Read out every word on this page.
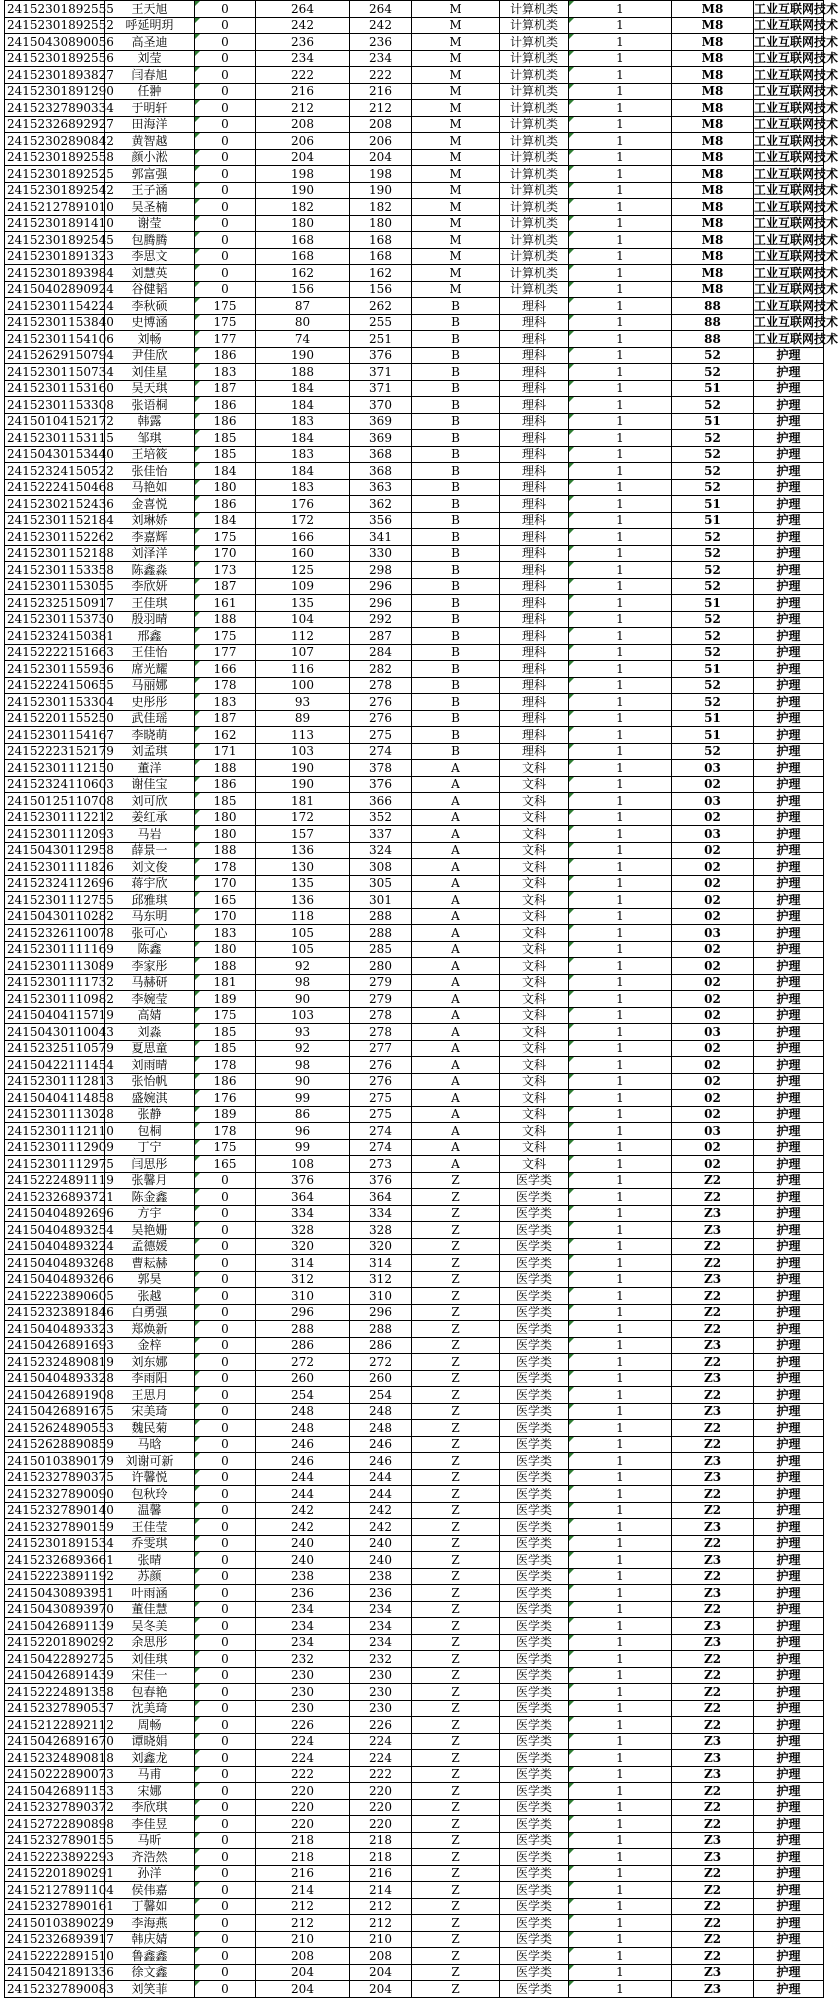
24152301892555	王天旭	0	264	264	M	计算机类	1	M8	工业互联网技术
24152301892552	呼延明玥	0	242	242	M	计算机类	1	M8	工业互联网技术
24150430890056	高圣迪	0	236	236	M	计算机类	1	M8	工业互联网技术
24152301892556	刘莹	0	234	234	M	计算机类	1	M8	工业互联网技术
24152301893827	闫春旭	0	222	222	M	计算机类	1	M8	工业互联网技术
24152301891290	任翀	0	216	216	M	计算机类	1	M8	工业互联网技术
24152327890334	于明轩	0	212	212	M	计算机类	1	M8	工业互联网技术
24152326892927	田海洋	0	208	208	M	计算机类	1	M8	工业互联网技术
24152302890842	黄智越	0	206	206	M	计算机类	1	M8	工业互联网技术
24152301892558	颜小淞	0	204	204	M	计算机类	1	M8	工业互联网技术
24152301892525	郭富强	0	198	198	M	计算机类	1	M8	工业互联网技术
24152301892542	王子涵	0	190	190	M	计算机类	1	M8	工业互联网技术
24152127891010	吴圣楠	0	182	182	M	计算机类	1	M8	工业互联网技术
24152301891410	谢莹	0	180	180	M	计算机类	1	M8	工业互联网技术
24152301892545	包腾腾	0	168	168	M	计算机类	1	M8	工业互联网技术
24152301891323	李思文	0	168	168	M	计算机类	1	M8	工业互联网技术
24152301893984	刘慧英	0	162	162	M	计算机类	1	M8	工业互联网技术
24150402890924	谷健韬	0	156	156	M	计算机类	1	M8	工业互联网技术
24152301154224	李秋硕	175	87	262	B	理科	1	88	工业互联网技术
24152301153840	史博涵	175	80	255	B	理科	1	88	工业互联网技术
24152301154106	刘畅	177	74	251	B	理科	1	88	工业互联网技术
24152629150794	尹佳欣	186	190	376	B	理科	1	52	护理
24152301150734	刘佳星	183	188	371	B	理科	1	52	护理
24152301153160	吴天琪	187	184	371	B	理科	1	51	护理
24152301153308	张语桐	186	184	370	B	理科	1	52	护理
24150104152172	韩露	186	183	369	B	理科	1	51	护理
24152301153115	邹琪	185	184	369	B	理科	1	52	护理
24150430153440	王培筱	185	183	368	B	理科	1	52	护理
24152324150522	张佳怡	184	184	368	B	理科	1	52	护理
24152224150468	马艳如	180	183	363	B	理科	1	52	护理
24152302152436	金喜悦	186	176	362	B	理科	1	51	护理
24152301152184	刘琳娇	184	172	356	B	理科	1	51	护理
24152301152262	李嘉辉	175	166	341	B	理科	1	52	护理
24152301152188	刘泽洋	170	160	330	B	理科	1	52	护理
24152301153358	陈鑫淼	173	125	298	B	理科	1	52	护理
24152301153055	李欣妍	187	109	296	B	理科	1	52	护理
24152325150917	王佳琪	161	135	296	B	理科	1	51	护理
24152301153730	殷羽晴	188	104	292	B	理科	1	52	护理
24152324150381	邢鑫	175	112	287	B	理科	1	52	护理
24152222151663	王佳怡	177	107	284	B	理科	1	52	护理
24152301155936	席光耀	166	116	282	B	理科	1	51	护理
24152224150655	马丽娜	178	100	278	B	理科	1	52	护理
24152301153304	史彤彤	183	93	276	B	理科	1	52	护理
24152201155250	武佳瑶	187	89	276	B	理科	1	51	护理
24152301154167	李晓萌	162	113	275	B	理科	1	51	护理
24152223152179	刘孟琪	171	103	274	B	理科	1	52	护理
24152301112150	董洋	188	190	378	A	文科	1	03	护理
24152324110603	谢佳宝	186	190	376	A	文科	1	02	护理
24150125110708	刘可欣	185	181	366	A	文科	1	03	护理
24152301112212	姜红承	180	172	352	A	文科	1	02	护理
24152301112093	马岩	180	157	337	A	文科	1	03	护理
24150430112958	薛景一	188	136	324	A	文科	1	02	护理
24152301111826	刘文俊	178	130	308	A	文科	1	02	护理
24152324112696	蒋宇欣	170	135	305	A	文科	1	02	护理
24152301112755	邱雅琪	165	136	301	A	文科	1	02	护理
24150430110282	马东明	170	118	288	A	文科	1	02	护理
24152326110078	张可心	183	105	288	A	文科	1	03	护理
24152301111169	陈鑫	180	105	285	A	文科	1	02	护理
24152301113089	李家彤	188	92	280	A	文科	1	02	护理
24152301111732	马赫研	181	98	279	A	文科	1	02	护理
24152301110982	李婉莹	189	90	279	A	文科	1	02	护理
24150404115719	高婧	175	103	278	A	文科	1	02	护理
24150430110043	刘淼	185	93	278	A	文科	1	03	护理
24152325110579	夏思童	185	92	277	A	文科	1	02	护理
24150422111454	刘雨晴	178	98	276	A	文科	1	02	护理
24152301112813	张怡帆	186	90	276	A	文科	1	02	护理
24150404114858	盛婉淇	176	99	275	A	文科	1	02	护理
24152301113028	张静	189	86	275	A	文科	1	02	护理
24152301112110	包桐	178	96	274	A	文科	1	03	护理
24152301112909	丁宁	175	99	274	A	文科	1	02	护理
24152301112975	闫思彤	165	108	273	A	文科	1	02	护理
24152224891119	张馨月	0	376	376	Z	医学类	1	Z2	护理
24152326893721	陈金鑫	0	364	364	Z	医学类	1	Z2	护理
24150404892696	方宇	0	334	334	Z	医学类	1	Z3	护理
24150404893254	吴艳姗	0	328	328	Z	医学类	1	Z3	护理
24150404893224	孟德媛	0	320	320	Z	医学类	1	Z2	护理
24150404893268	曹耘赫	0	314	314	Z	医学类	1	Z2	护理
24150404893266	郭昊	0	312	312	Z	医学类	1	Z3	护理
24152223890605	张越	0	310	310	Z	医学类	1	Z2	护理
24152323891846	白勇强	0	296	296	Z	医学类	1	Z2	护理
24150404893323	郑焕新	0	288	288	Z	医学类	1	Z2	护理
24150426891693	金梓	0	286	286	Z	医学类	1	Z3	护理
24152324890819	刘东娜	0	272	272	Z	医学类	1	Z2	护理
24150404893328	李雨阳	0	260	260	Z	医学类	1	Z3	护理
24150426891908	王思月	0	254	254	Z	医学类	1	Z2	护理
24150426891675	宋美琦	0	248	248	Z	医学类	1	Z3	护理
24152624890553	魏民菊	0	248	248	Z	医学类	1	Z2	护理
24152628890859	马晗	0	246	246	Z	医学类	1	Z2	护理
24150103890179	刘谢可新	0	246	246	Z	医学类	1	Z3	护理
24152327890375	许馨悦	0	244	244	Z	医学类	1	Z3	护理
24152327890090	包秋玲	0	244	244	Z	医学类	1	Z2	护理
24152327890140	温馨	0	242	242	Z	医学类	1	Z2	护理
24152327890159	王佳莹	0	242	242	Z	医学类	1	Z3	护理
24152301891534	乔雯琪	0	240	240	Z	医学类	1	Z2	护理
24152326893661	张晴	0	240	240	Z	医学类	1	Z3	护理
24152223891192	苏颜	0	238	238	Z	医学类	1	Z2	护理
24150430893951	叶雨涵	0	236	236	Z	医学类	1	Z3	护理
24150430893970	董佳慧	0	234	234	Z	医学类	1	Z2	护理
24150426891139	吴冬美	0	234	234	Z	医学类	1	Z3	护理
24152201890292	余思彤	0	234	234	Z	医学类	1	Z3	护理
24150422892725	刘佳琪	0	232	232	Z	医学类	1	Z2	护理
24150426891439	宋佳一	0	230	230	Z	医学类	1	Z2	护理
24152224891358	包春艳	0	230	230	Z	医学类	1	Z2	护理
24152327890537	沈美琦	0	230	230	Z	医学类	1	Z2	护理
24152122892112	周畅	0	226	226	Z	医学类	1	Z2	护理
24150426891670	谭晓娟	0	224	224	Z	医学类	1	Z3	护理
24152324890818	刘鑫龙	0	224	224	Z	医学类	1	Z3	护理
24150222890073	马甫	0	222	222	Z	医学类	1	Z3	护理
24150426891153	宋娜	0	220	220	Z	医学类	1	Z2	护理
24152327890372	李欣琪	0	220	220	Z	医学类	1	Z2	护理
24152722890898	李佳昱	0	220	220	Z	医学类	1	Z2	护理
24152327890155	马昕	0	218	218	Z	医学类	1	Z3	护理
24152223892293	齐浩然	0	218	218	Z	医学类	1	Z3	护理
24152201890291	孙洋	0	216	216	Z	医学类	1	Z2	护理
24152127891104	侯伟嘉	0	214	214	Z	医学类	1	Z2	护理
24152327890161	丁馨如	0	212	212	Z	医学类	1	Z2	护理
24150103890229	李海燕	0	212	212	Z	医学类	1	Z2	护理
24152326893917	韩庆婧	0	210	210	Z	医学类	1	Z2	护理
24152222891510	鲁鑫鑫	0	208	208	Z	医学类	1	Z2	护理
24150421891336	徐文鑫	0	204	204	Z	医学类	1	Z3	护理
24152327890083	刘笑菲	0	204	204	Z	医学类	1	Z3	护理
